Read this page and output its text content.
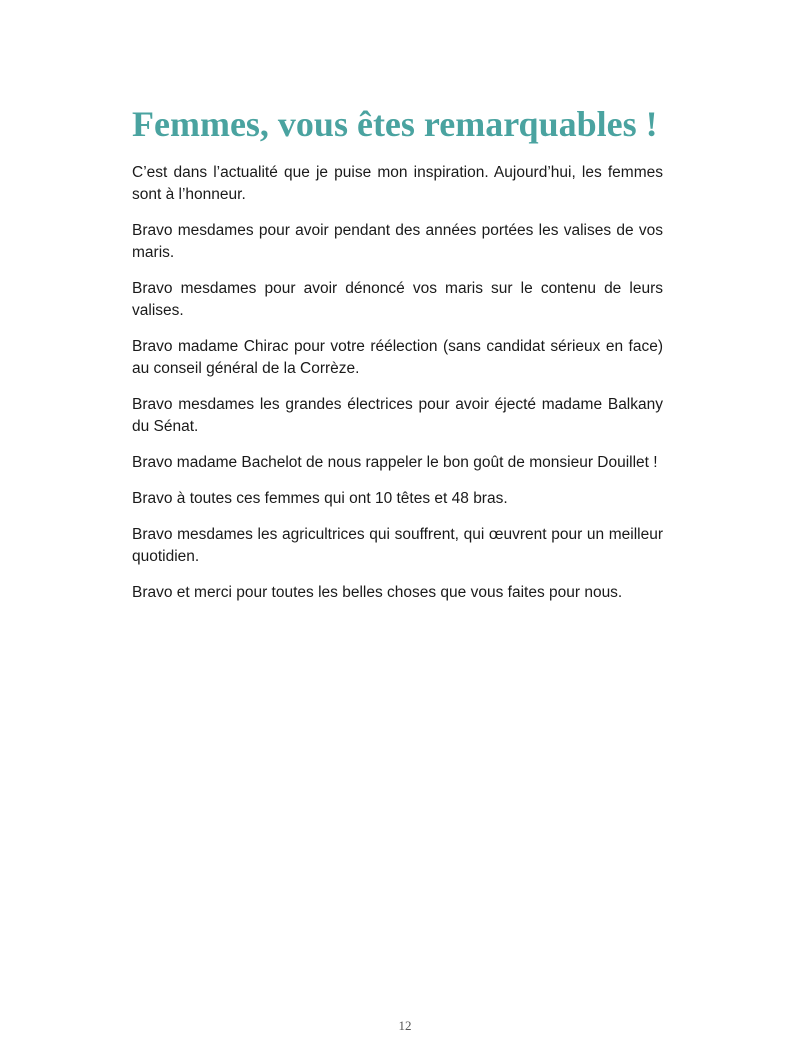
Femmes, vous êtes remarquables !

C’est dans l’actualité que je puise mon inspiration. Aujourd’hui, les femmes sont à l’honneur.

Bravo mesdames pour avoir pendant des années portées les valises de vos maris.

Bravo mesdames pour avoir dénoncé vos maris sur le contenu de leurs valises.

Bravo madame Chirac pour votre réélection (sans candidat sérieux en face) au conseil général de la Corrèze.

Bravo mesdames les grandes électrices pour avoir éjecté madame Balkany du Sénat.

Bravo madame Bachelot de nous rappeler le bon goût de monsieur Douillet !

Bravo à toutes ces femmes qui ont 10 têtes et 48 bras.

Bravo mesdames les agricultrices qui souffrent, qui œuvrent pour un meilleur quotidien.

Bravo et merci pour toutes les belles choses que vous faites pour nous.

12
